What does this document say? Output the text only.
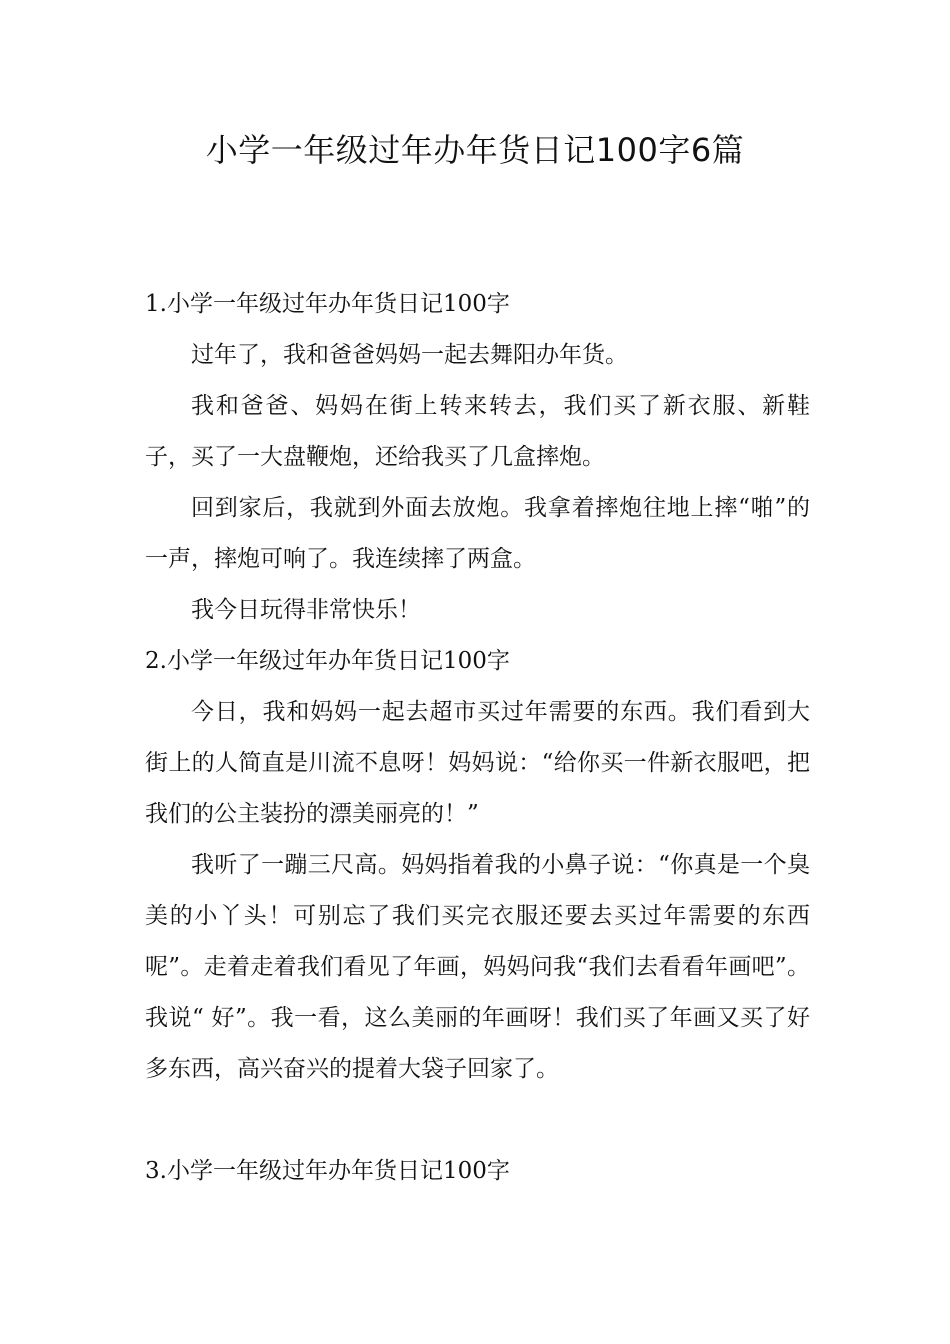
小学一年级过年办年货日记100字6篇
1.小学一年级过年办年货日记100字

过年了，我和爸爸妈妈一起去舞阳办年货。

我和爸爸、妈妈在街上转来转去，我们买了新衣服、新鞋子，买了一大盘鞭炮，还给我买了几盒摔炮。

回到家后，我就到外面去放炮。我拿着摔炮往地上摔“啪”的一声，摔炮可响了。我连续摔了两盒。

我今日玩得非常快乐！

2.小学一年级过年办年货日记100字

今日，我和妈妈一起去超市买过年需要的东西。我们看到大街上的人简直是川流不息呀！妈妈说：“给你买一件新衣服吧，把我们的公主装扮的漂美丽亮的！”

我听了一蹦三尺高。妈妈指着我的小鼻子说：“你真是一个臭美的小丫头！可别忘了我们买完衣服还要去买过年需要的东西呢”。走着走着我们看见了年画，妈妈问我“我们去看看年画吧”。我说“ 好”。我一看，这么美丽的年画呀！我们买了年画又买了好多东西，高兴奋兴的提着大袋子回家了。

3.小学一年级过年办年货日记100字
